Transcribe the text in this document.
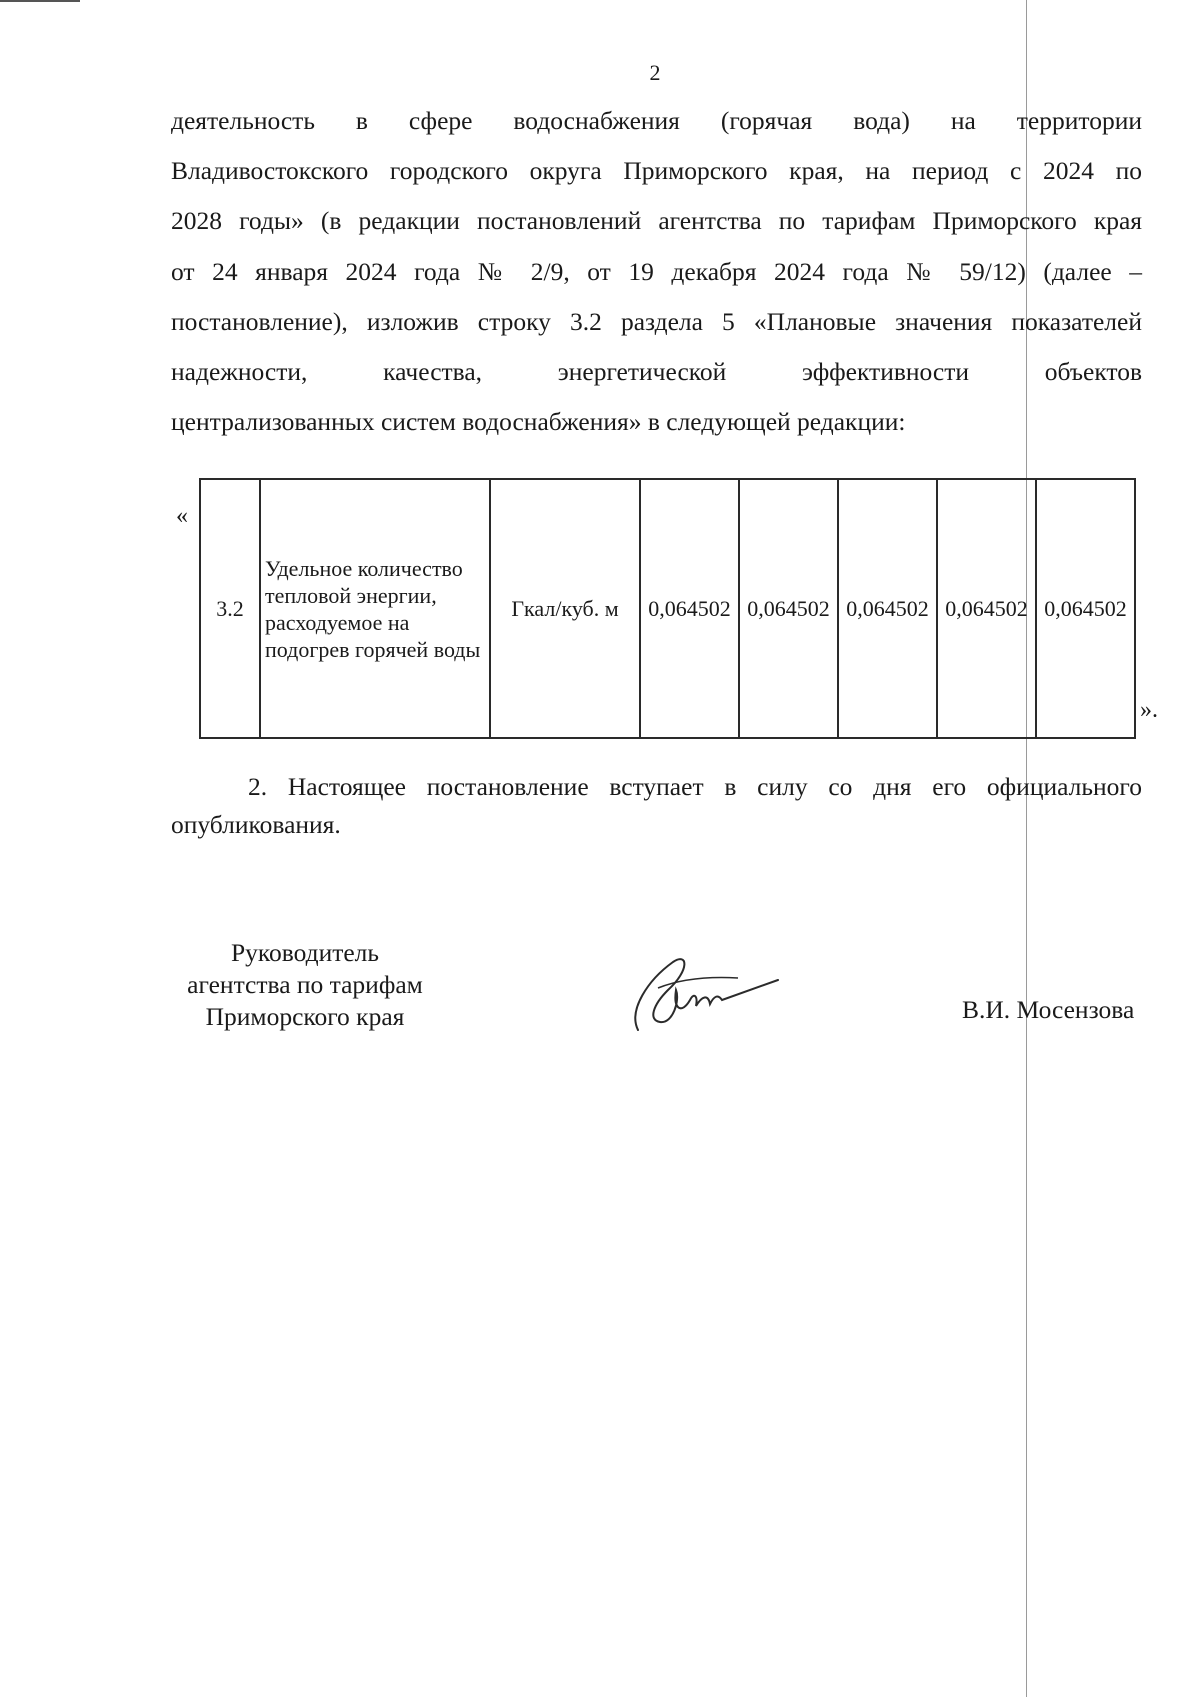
2
деятельность в сфере водоснабжения (горячая вода) на территории
Владивостокского городского округа Приморского края, на период с 2024 по
2028 годы» (в редакции постановлений агентства по тарифам Приморского края
от 24 января 2024 года № 2/9, от 19 декабря 2024 года № 59/12) (далее –
постановление), изложив строку 3.2 раздела 5 «Плановые значения показателей
надежности, качества, энергетической эффективности объектов
централизованных систем водоснабжения» в следующей редакции:
«
3.2	Удельное количество тепловой энергии, расходуемое на подогрев горячей воды	Гкал/куб. м	0,064502	0,064502	0,064502	0,064502	0,064502
».
2. Настоящее постановление вступает в силу со дня его официального опубликования.
Руководитель
агентства по тарифам
Приморского края	В.И. Мосензова
